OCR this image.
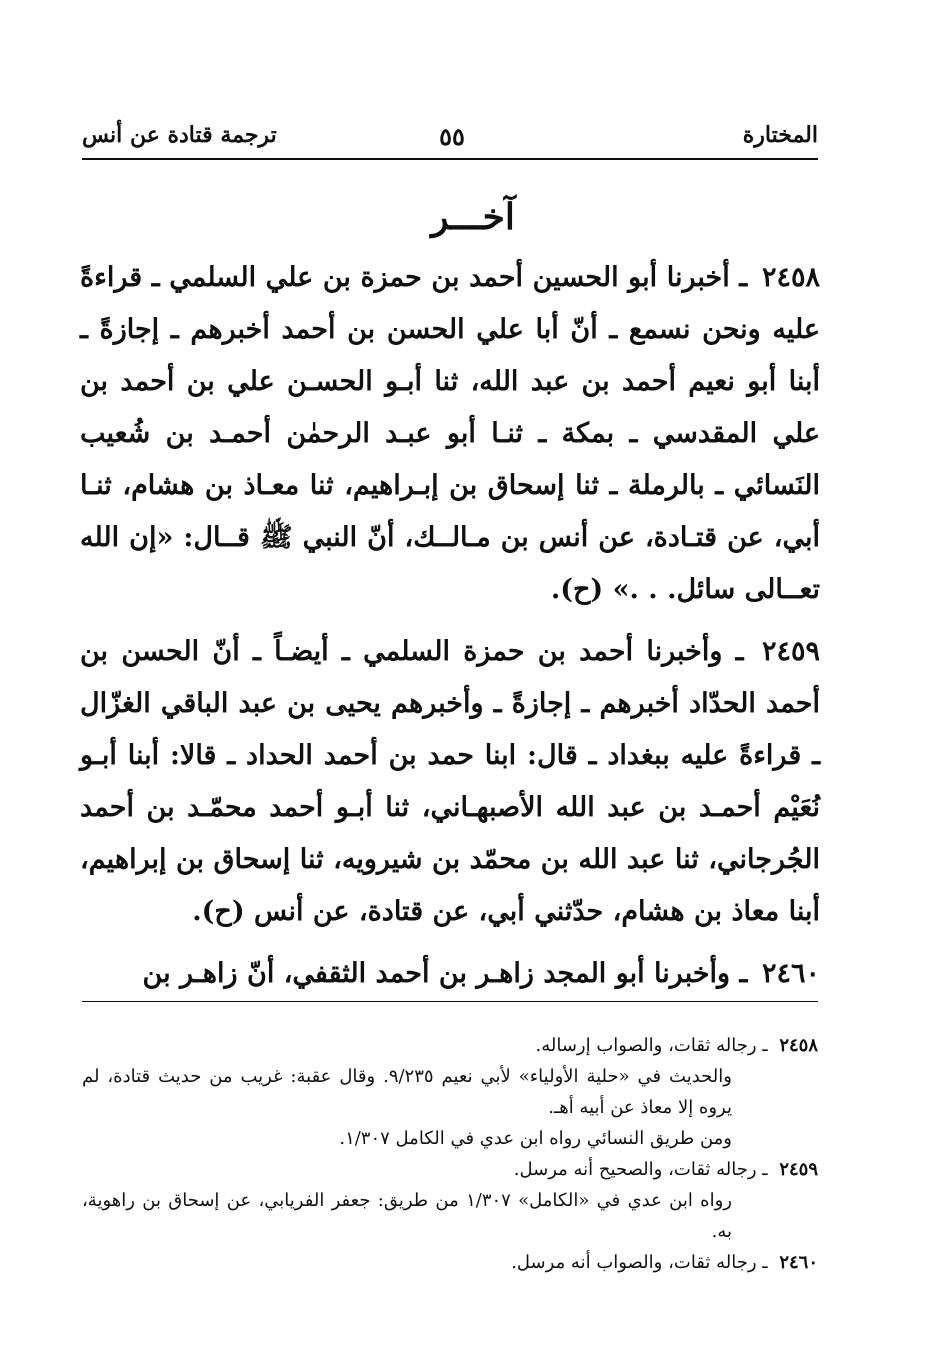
المختارة
٥٥
ترجمة قتادة عن أنس
آخـــر

٢٤٥٨ ـ أخبرنا أبو الحسين أحمد بن حمزة بن علي السلمي ـ قراءةً عليه ونحن نسمع ـ أنّ أبا علي الحسن بن أحمد أخبرهم ـ إجازةً ـ أبنا أبو نعيم أحمد بن عبد الله، ثنا أبـو الحسـن علي بن أحمد بن علي المقدسي ـ بمكة ـ ثنـا أبو عبـد الرحمٰن أحمـد بن شُعيب النَسائي ـ بالرملة ـ ثنا إسحاق بن إبـراهيم، ثنا معـاذ بن هشام، ثنـا أبي، عن قتـادة، عن أنس بن مـالــك، أنّ النبي ﷺ قــال: «إن الله تعــالى سائل. . .» (ح).

٢٤٥٩ ـ وأخبرنا أحمد بن حمزة السلمي ـ أيضـاً ـ أنّ الحسن بن أحمد الحدّاد أخبرهم ـ إجازةً ـ وأخبرهم يحيى بن عبد الباقي الغزّال ـ قراءةً عليه ببغداد ـ قال: ابنا حمد بن أحمد الحداد ـ قالا: أبنا أبـو نُعَيْم أحمـد بن عبد الله الأصبهـاني، ثنا أبـو أحمد محمّـد بن أحمد الجُرجاني، ثنا عبد الله بن محمّد بن شيرويه، ثنا إسحاق بن إبراهيم، أبنا معاذ بن هشام، حدّثني أبي، عن قتادة، عن أنس (ح).

٢٤٦٠ ـ وأخبرنا أبو المجد زاهـر بن أحمد الثقفي، أنّ زاهـر بن

٢٤٥٨ ـ رجاله ثقات، والصواب إرساله.

والحديث في «حلية الأولياء» لأبي نعيم ٩/٢٣٥. وقال عقبة: غريب من حديث قتادة، لم يروه إلا معاذ عن أبيه أهـ.

ومن طريق النسائي رواه ابن عدي في الكامل ١/٣٠٧.

٢٤٥٩ ـ رجاله ثقات، والصحيح أنه مرسل.

رواه ابن عدي في «الكامل» ١/٣٠٧ من طريق: جعفر الفريابي، عن إسحاق بن راهوية، به.

٢٤٦٠ ـ رجاله ثقات، والصواب أنه مرسل.
